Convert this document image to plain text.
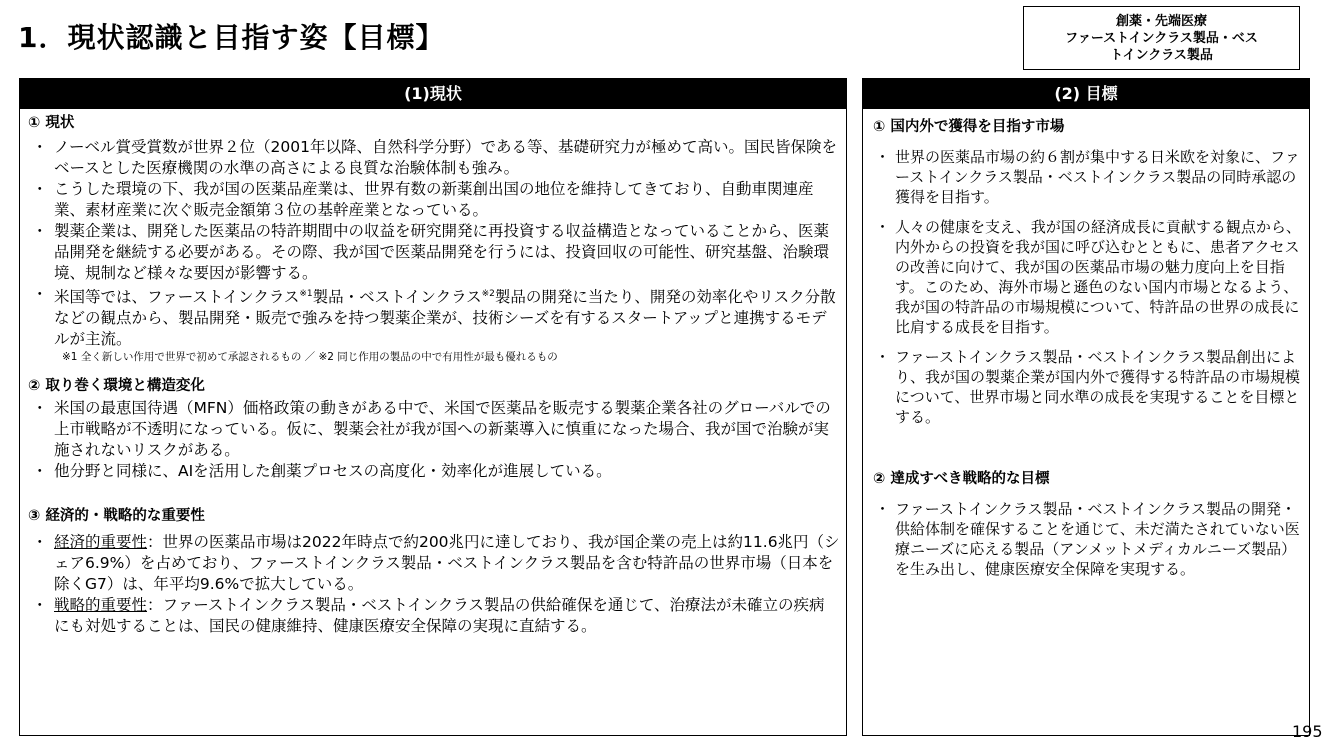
1．現状認識と目指す姿【目標】	創薬・先端医療
ファーストインクラス製品・ベス
トインクラス製品
(1)現状

① 現状

・ ノーベル賞受賞数が世界２位（2001年以降、自然科学分野）である等、基礎研究力が極めて高い。国民皆保険をベースとした医療機関の水準の高さによる良質な治験体制も強み。
・ こうした環境の下、我が国の医薬品産業は、世界有数の新薬創出国の地位を維持してきており、自動車関連産業、素材産業に次ぐ販売金額第３位の基幹産業となっている。
・ 製薬企業は、開発した医薬品の特許期間中の収益を研究開発に再投資する収益構造となっていることから、医薬品開発を継続する必要がある。その際、我が国で医薬品開発を行うには、投資回収の可能性、研究基盤、治験環境、規制など様々な要因が影響する。
・ 米国等では、ファーストインクラス$^{※1}$製品・ベストインクラス$^{※2}$製品の開発に当たり、開発の効率化やリスク分散などの観点から、製品開発・販売で強みを持つ製薬企業が、技術シーズを有するスタートアップと連携するモデルが主流。
※1 全く新しい作用で世界で初めて承認されるもの ／ ※2 同じ作用の製品の中で有用性が最も優れるもの

② 取り巻く環境と構造変化

・ 米国の最恵国待遇（MFN）価格政策の動きがある中で、米国で医薬品を販売する製薬企業各社のグローバルでの上市戦略が不透明になっている。仮に、製薬会社が我が国への新薬導入に慎重になった場合、我が国で治験が実施されないリスクがある。
・ 他分野と同様に、AIを活用した創薬プロセスの高度化・効率化が進展している。

③ 経済的・戦略的な重要性

・ 経済的重要性：世界の医薬品市場は2022年時点で約200兆円に達しており、我が国企業の売上は約11.6兆円（シェア6.9%）を占めており、ファーストインクラス製品・ベストインクラス製品を含む特許品の世界市場（日本を除くG7）は、年平均9.6%で拡大している。
・ 戦略的重要性：ファーストインクラス製品・ベストインクラス製品の供給確保を通じて、治療法が未確立の疾病にも対処することは、国民の健康維持、健康医療安全保障の実現に直結する。
(2) 目標

① 国内外で獲得を目指す市場

・ 世界の医薬品市場の約６割が集中する日米欧を対象に、ファーストインクラス製品・ベストインクラス製品の同時承認の獲得を目指す。
・ 人々の健康を支え、我が国の経済成長に貢献する観点から、内外からの投資を我が国に呼び込むとともに、患者アクセスの改善に向けて、我が国の医薬品市場の魅力度向上を目指す。このため、海外市場と遜色のない国内市場となるよう、我が国の特許品の市場規模について、特許品の世界の成長に比肩する成長を目指す。
・ ファーストインクラス製品・ベストインクラス製品創出により、我が国の製薬企業が国内外で獲得する特許品の市場規模について、世界市場と同水準の成長を実現することを目標とする。

② 達成すべき戦略的な目標

・ ファーストインクラス製品・ベストインクラス製品の開発・供給体制を確保することを通じて、未だ満たされていない医療ニーズに応える製品（アンメットメディカルニーズ製品）を生み出し、健康医療安全保障を実現する。
195
